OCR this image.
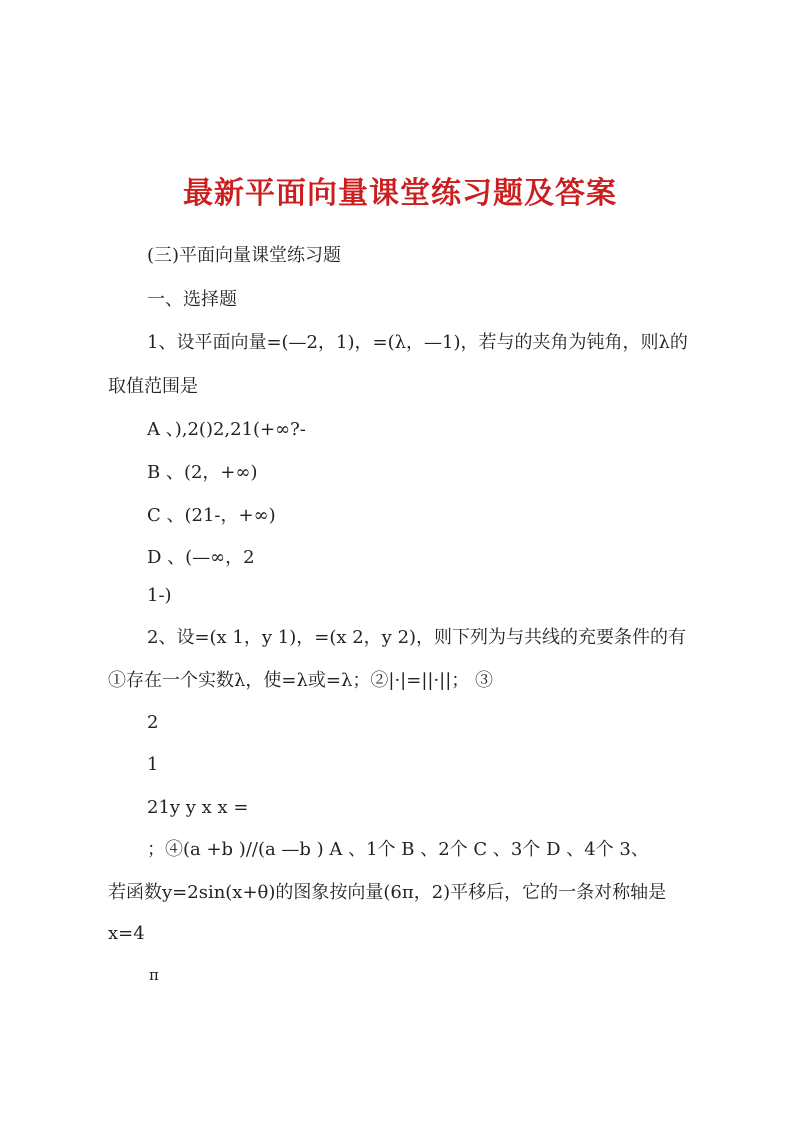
最新平面向量课堂练习题及答案
(三)平面向量课堂练习题
一、选择题
1、设平面向量=(—2，1)，=(λ，—1)，若与的夹角为钝角，则λ的
取值范围是
A 、),2()2,21(+∞?-
B 、(2，+∞)
C 、(21-，+∞)
D 、(—∞，2
1-)
2、设=(x 1，y 1)，=(x 2，y 2)，则下列为与共线的充要条件的有
①存在一个实数λ，使=λ或=λ；②|·|=||·||； ③
2
1
21y y x x =
；④(a +b )//(a —b ) A 、1个 B 、2个 C 、3个 D 、4个 3、
若函数y=2sin(x+θ)的图象按向量(6π，2)平移后，它的一条对称轴是
x=4
π
